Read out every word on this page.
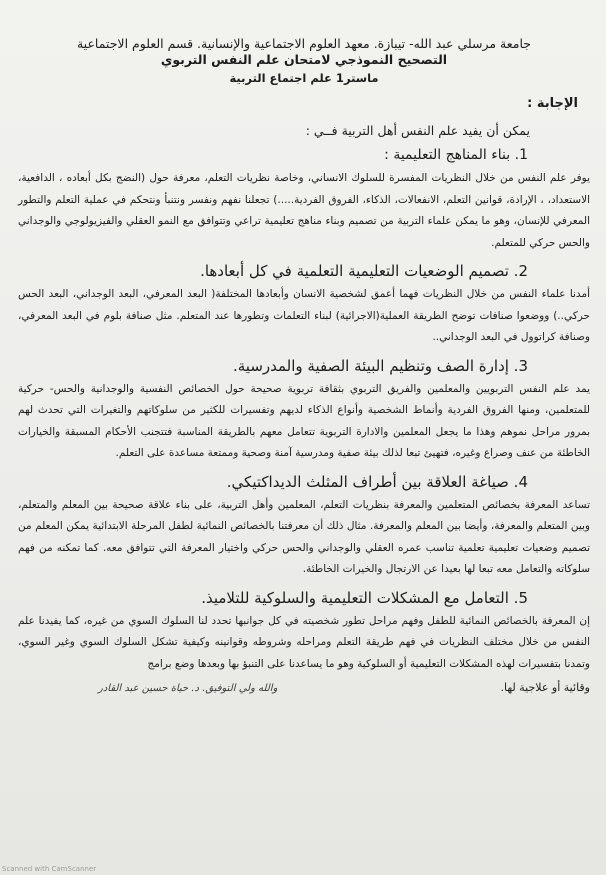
جامعة مرسلي عبد الله- تيبازة. معهد العلوم الاجتماعية والإنسانية. قسم العلوم الاجتماعية
التصحيح النموذجي لامتحان علم النفس التربوي
ماستر1 علم اجتماع التربية
الإجابة :
يمكن أن يفيد علم النفس أهل التربية فــي :
1. بناء المناهج التعليمية :

يوفر علم النفس من خلال النظريات المفسرة للسلوك الانساني، وخاصة نظريات التعلم، معرفة حول (النضج بكل أبعاده ، الدافعية، الاستعداد، ، الإرادة، قوانين التعلم، الانفعالات، الذكاء، الفروق الفردية.....) تجعلنا نفهم ونفسر ونتنبأ ونتحكم في عملية التعلم والتطور المعرفي للإنسان، وهو ما يمكن علماء التربية من تصميم وبناء مناهج تعليمية تراعي وتتوافق مع النمو العقلي والفيزيولوجي والوجداني والحس حركي للمتعلم.

2. تصميم الوضعيات التعليمية التعلمية في كل أبعادها.

أمدنا علماء النفس من خلال النظريات فهما أعمق لشخصية الانسان وأبعادها المختلفة( البعد المعرفي، البعد الوجداني، البعد الحس حركي..) ووضعوا صنافات توضح الطريقة العملية(الاجرائية) لبناء التعلمات وتطورها عند المتعلم. مثل صنافة بلوم في البعد المعرفي، وصنافة كراتوول في البعد الوجداني..

3. إدارة الصف وتنظيم البيئة الصفية والمدرسية.

يمد علم النفس التربويين والمعلمين والفريق التربوي بثقافة تربوية صحيحة حول الخصائص النفسية والوجدانية والحس- حركية للمتعلمين، ومنها الفروق الفردية وأنماط الشخصية وأنواع الذكاء لديهم وتفسيرات للكثير من سلوكاتهم والتغيرات التي تحدث لهم بمرور مراحل نموهم وهذا ما يجعل المعلمين والادارة التربوية تتعامل معهم بالطريقة المناسبة فتتجنب الأحكام المسبقة والخيارات الخاطئة من عنف وصراع وغيره، فتهيئ تبعا لذلك بيئة صفية ومدرسية آمنة وصحية وممتعة مساعدة على التعلم.

4. صياغة العلاقة بين أطراف المثلث الديداكتيكي.

تساعد المعرفة بخصائص المتعلمين والمعرفة بنظريات التعلم، المعلمين وأهل التربية، على بناء علاقة صحيحة بين المعلم والمتعلم، وبين المتعلم والمعرفة، وأيضا بين المعلم والمعرفة. مثال ذلك أن معرفتنا بالخصائص النمائية لطفل المرحلة الابتدائية يمكن المعلم من تصميم وضعيات تعليمية تعلمية تناسب عمره العقلي والوجداني والحس حركي واختيار المعرفة التي تتوافق معه. كما تمكنه من فهم سلوكاته والتعامل معه تبعا لها بعيدا عن الارتجال والخيرات الخاطئة.

5. التعامل مع المشكلات التعليمية والسلوكية للتلاميذ.

إن المعرفة بالخصائص النمائية للطفل وفهم مراحل تطور شخصيته في كل جوانبها تحدد لنا السلوك السوي من غيره، كما يفيدنا علم النفس من خلال مختلف النظريات في فهم طريقة التعلم ومراحله وشروطه وقوانينه وكيفية تشكل السلوك السوي وغير السوي، وتمدنا بتفسيرات لهذه المشكلات التعليمية أو السلوكية وهو ما يساعدنا على التنبؤ بها وبعدها وضع برامج

وقائية أو علاجية لها.
والله ولي التوفيق. د. حياة حسين عبد القادر
Scanned with CamScanner
